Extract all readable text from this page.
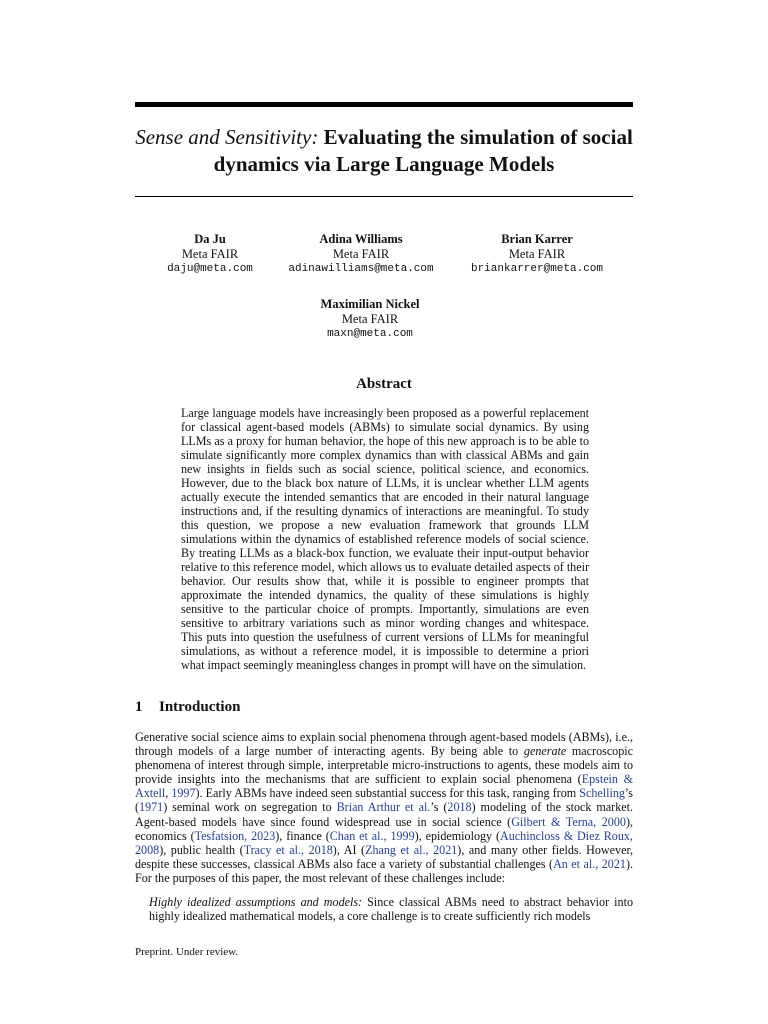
Sense and Sensitivity: Evaluating the simulation of social dynamics via Large Language Models
Da Ju
Meta FAIR
daju@meta.com
Adina Williams
Meta FAIR
adinawilliams@meta.com
Brian Karrer
Meta FAIR
briankarrer@meta.com
Maximilian Nickel
Meta FAIR
maxn@meta.com
Abstract
Large language models have increasingly been proposed as a powerful replacement for classical agent-based models (ABMs) to simulate social dynamics. By using LLMs as a proxy for human behavior, the hope of this new approach is to be able to simulate significantly more complex dynamics than with classical ABMs and gain new insights in fields such as social science, political science, and economics. However, due to the black box nature of LLMs, it is unclear whether LLM agents actually execute the intended semantics that are encoded in their natural language instructions and, if the resulting dynamics of interactions are meaningful. To study this question, we propose a new evaluation framework that grounds LLM simulations within the dynamics of established reference models of social science. By treating LLMs as a black-box function, we evaluate their input-output behavior relative to this reference model, which allows us to evaluate detailed aspects of their behavior. Our results show that, while it is possible to engineer prompts that approximate the intended dynamics, the quality of these simulations is highly sensitive to the particular choice of prompts. Importantly, simulations are even sensitive to arbitrary variations such as minor wording changes and whitespace. This puts into question the usefulness of current versions of LLMs for meaningful simulations, as without a reference model, it is impossible to determine a priori what impact seemingly meaningless changes in prompt will have on the simulation.
1 Introduction
Generative social science aims to explain social phenomena through agent-based models (ABMs), i.e., through models of a large number of interacting agents. By being able to generate macroscopic phenomena of interest through simple, interpretable micro-instructions to agents, these models aim to provide insights into the mechanisms that are sufficient to explain social phenomena (Epstein & Axtell, 1997). Early ABMs have indeed seen substantial success for this task, ranging from Schelling’s (1971) seminal work on segregation to Brian Arthur et al.’s (2018) modeling of the stock market. Agent-based models have since found widespread use in social science (Gilbert & Terna, 2000), economics (Tesfatsion, 2023), finance (Chan et al., 1999), epidemiology (Auchincloss & Diez Roux, 2008), public health (Tracy et al., 2018), AI (Zhang et al., 2021), and many other fields. However, despite these successes, classical ABMs also face a variety of substantial challenges (An et al., 2021). For the purposes of this paper, the most relevant of these challenges include:
Highly idealized assumptions and models: Since classical ABMs need to abstract behavior into highly idealized mathematical models, a core challenge is to create sufficiently rich models
Preprint. Under review.
